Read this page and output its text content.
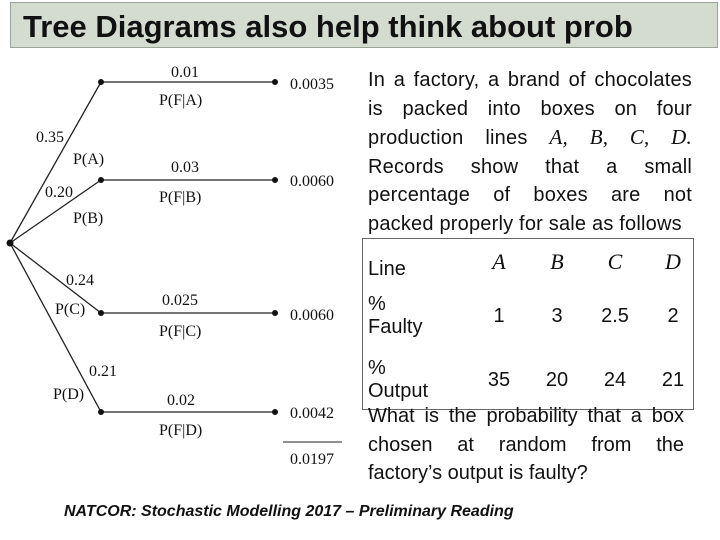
Tree Diagrams also help think about prob
0.35
P(A)
0.20
P(B)
0.24
P(C)
0.21
P(D)
0.01
P(F|A)
0.03
P(F|B)
0.025
P(F|C)
0.02
P(F|D)
0.0035
0.0060
0.0060
0.0042
0.0197
In a factory, a brand of chocolates is packed into boxes on four production lines A, B, C, D. Records show that a small percentage of boxes are not packed properly for sale as follows
Line	A	B	C	D

%
Faulty	1	3	2.5	2

%
Output	35	20	24	21
What is the probability that a box chosen at random from the factory’s output is faulty?
NATCOR: Stochastic Modelling 2017 – Preliminary Reading
